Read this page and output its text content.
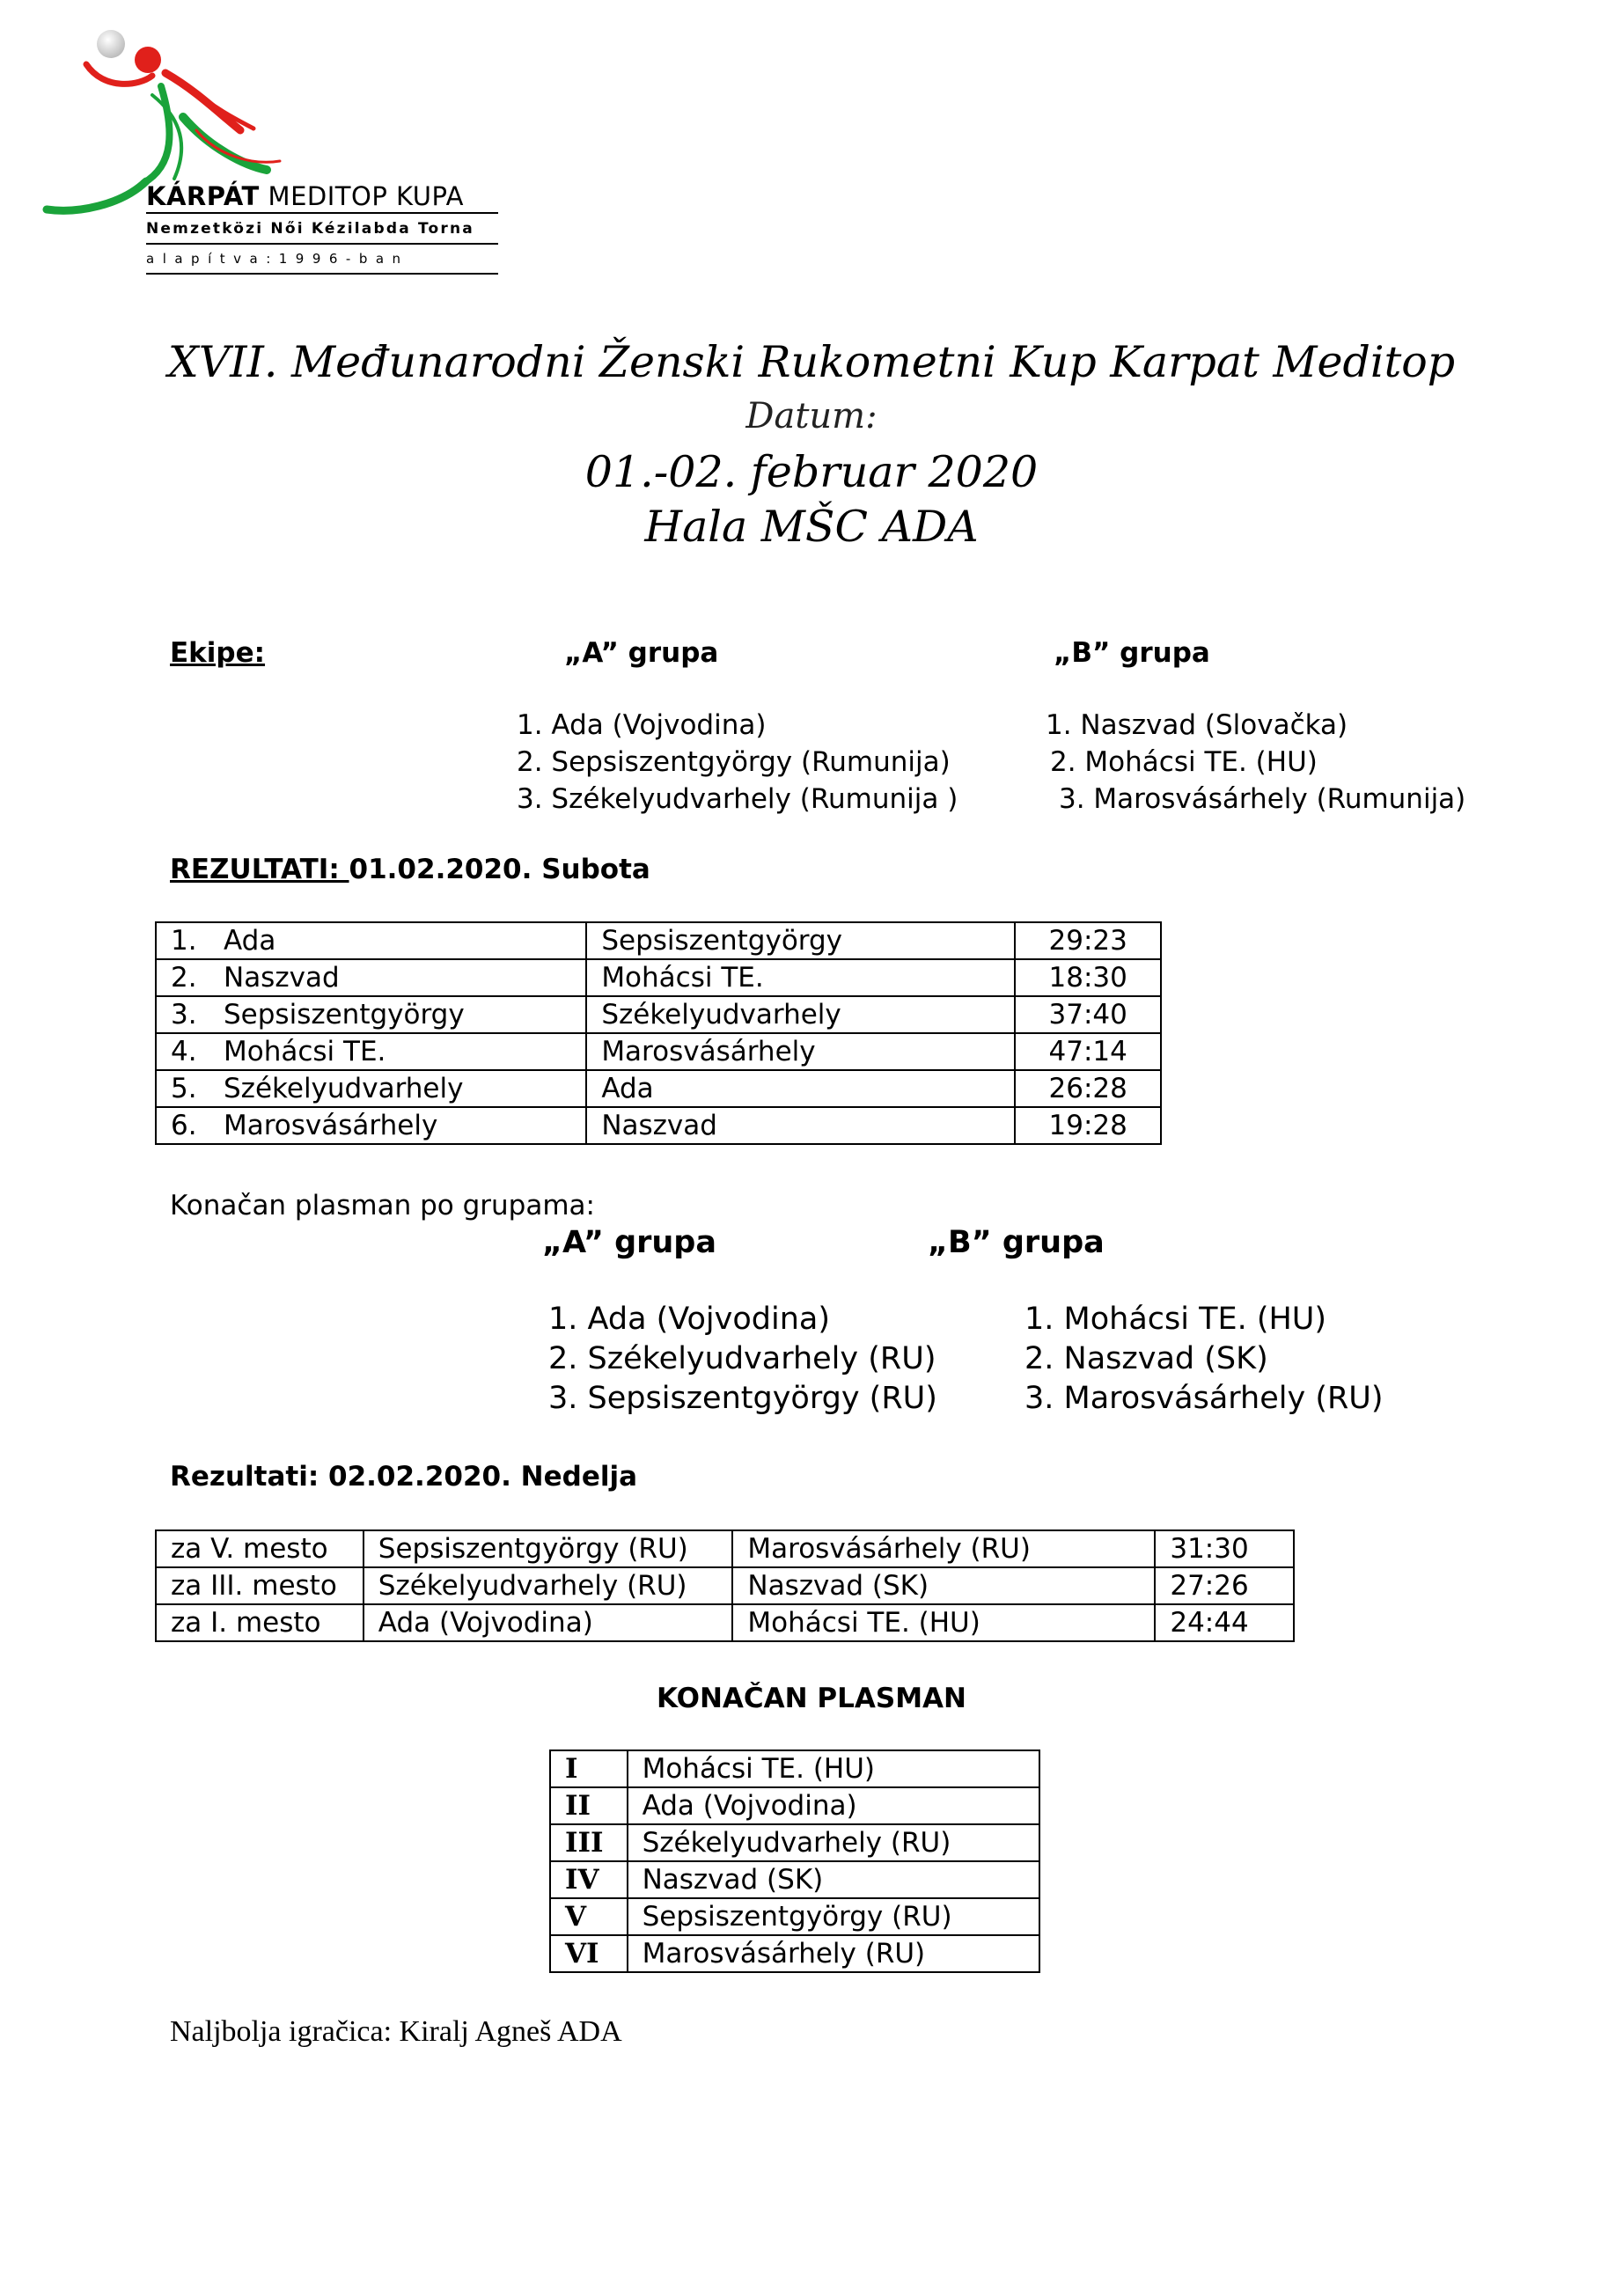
KÁRPÁT MEDITOP KUPA
Nemzetközi Női Kézilabda Torna
alapítva:1996-ban
XVII. Međunarodni Ženski Rukometni Kup Karpat Meditop
Datum:
01.-02. februar 2020
Hala MŠC ADA
Ekipe:	„A” grupa	„B” grupa
1. Ada (Vojvodina)
2. Sepsiszentgyörgy (Rumunija)
3. Székelyudvarhely (Rumunija )
1. Naszvad (Slovačka)
2. Mohácsi TE. (HU)
3. Marosvásárhely (Rumunija)
REZULTATI: 01.02.2020. Subota
1. Ada	Sepsiszentgyörgy	29:23
2. Naszvad	Mohácsi TE.	18:30
3. Sepsiszentgyörgy	Székelyudvarhely	37:40
4. Mohácsi TE.	Marosvásárhely	47:14
5. Székelyudvarhely	Ada	26:28
6. Marosvásárhely	Naszvad	19:28
Konačan plasman po grupama:
„A” grupa	„B” grupa
1. Ada (Vojvodina)
2. Székelyudvarhely (RU)
3. Sepsiszentgyörgy (RU)
1. Mohácsi TE. (HU)
2. Naszvad (SK)
3. Marosvásárhely (RU)
Rezultati: 02.02.2020. Nedelja
za V. mesto	Sepsiszentgyörgy (RU)	Marosvásárhely (RU)	31:30
za III. mesto	Székelyudvarhely (RU)	Naszvad (SK)	27:26
za I. mesto	Ada (Vojvodina)	Mohácsi TE. (HU)	24:44
KONAČAN PLASMAN
I	Mohácsi TE. (HU)
II	Ada (Vojvodina)
III	Székelyudvarhely (RU)
IV	Naszvad (SK)
V	Sepsiszentgyörgy (RU)
VI	Marosvásárhely (RU)
Naljbolja igračica: Kiralj Agneš ADA
